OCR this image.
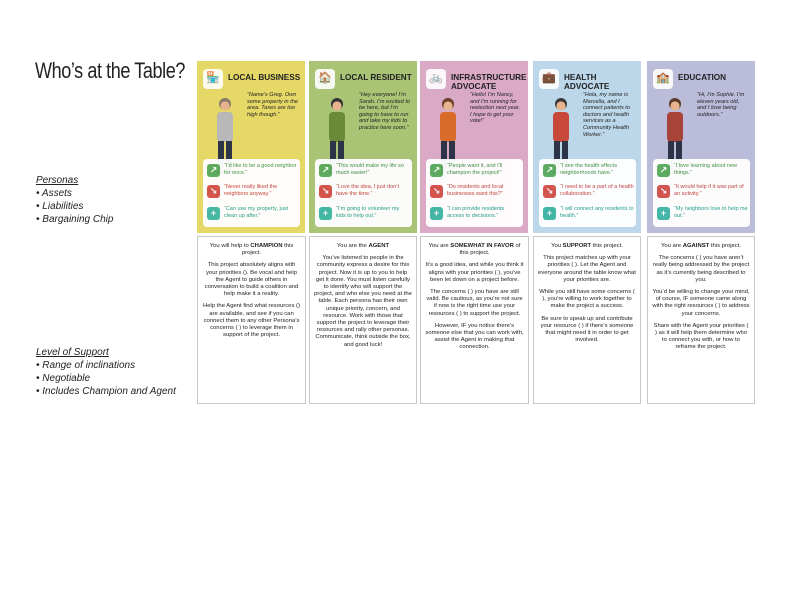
Who’s at the Table?
Personas
• Assets
• Liabilities
• Bargaining Chip
Level of Support
• Range of inclinations
• Negotiable
• Includes Champion and Agent
🏪 LOCAL BUSINESS
“Name’s Greg. Own some property in the area. Taxes are too high though.”
↗	“I’d like to be a good neighbor for once.”
↘	“Never really liked the neighbors anyway.”
+	“Can use my property, just clean up after.”
🏠 LOCAL RESIDENT
“Hey everyone! I’m Sarah. I’m excited to be here, but I’m going to have to run and take my kids to practice here soon.”
↗	“This would make my life so much easier!”
↘	“Love the idea, I just don’t have the time.”
+	“I’m going to volunteer my kids to help out.”
🚲 INFRASTRUCTURE ADVOCATE
“Hello! I’m Nancy, and I’m running for reelection next year. I hope to get your vote!”
↗	“People want it, and I’ll champion the project!”
↘	“Do residents and local businesses want this?”
+	“I can provide residents access to decisions.”
💼 HEALTH ADVOCATE
“Hola, my name is Marcella, and I connect patients to doctors and health services as a Community Health Worker.”
↗	“I see the health effects neighborhoods have.”
↘	“I need to be a part of a health collaboration.”
+	“I will connect any residents to health.”
🏫 EDUCATION
“Hi, I’m Sophie. I’m eleven years old, and I love being outdoors.”
↗	“I love learning about new things.”
↘	“It would help if it was part of an activity.”
+	“My neighbors love to help me out.”

You will help to CHAMPION this project.

This project absolutely aligns with your priorities (). Be vocal and help the Agent to guide others in conversation to build a coalition and help make it a reality.

Help the Agent find what resources () are available, and see if you can connect them to any other Persona’s concerns ( ) to leverage them in support of the project.

You are the AGENT

You’ve listened to people in the community express a desire for this project. Now it is up to you to help get it done. You must listen carefully to identify who will support the project, and who else you need at the table. Each persona has their own unique priority, concern, and resource. Work with those that support the project to leverage their resources and rally other personas. Communicate, think outside the box, and good luck!

You are SOMEWHAT IN FAVOR of this project.

It’s a good idea, and while you think it aligns with your priorities ( ), you’ve been let down on a project before.

The concerns ( ) you have are still valid. Be cautious, as you’re not sure if now is the right time use your resources ( ) to support the project.

However, IF you notice there’s someone else that you can work with, assist the Agent in making that connection.

You SUPPORT this project.

This project matches up with your priorities ( ). Let the Agent and everyone around the table know what your priorities are.

While you still have some concerns ( ), you’re willing to work together to make the project a success.

Be sure to speak up and contribute your resource ( ) if there’s someone that might need it in order to get involved.

You are AGAINST this project.

The concerns ( ) you have aren’t really being addressed by the project as it’s currently being described to you.

You’d be willing to change your mind, of course, IF someone came along with the right resources ( ) to address your concerns.

Share with the Agent your priorities ( ) as it will help them determine who to connect you with, or how to reframe the project.
